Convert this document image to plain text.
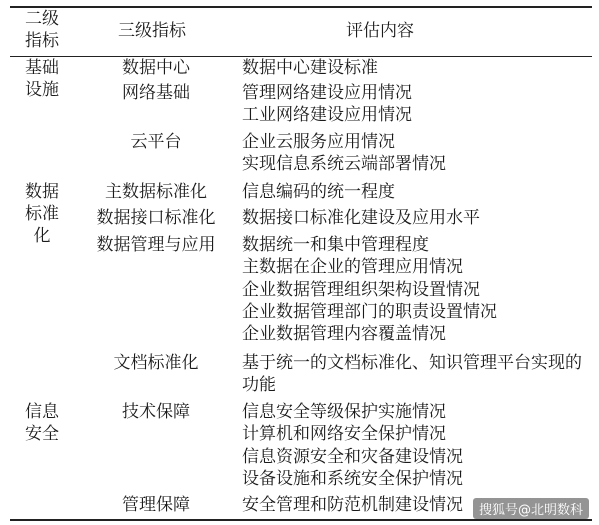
二级
指标	三级指标	评估内容
基础
设施
数据中心	数据中心建设标准
网络基础	管理网络建设应用情况
工业网络建设应用情况
云平台	企业云服务应用情况
实现信息系统云端部署情况
数据
标准化
主数据标准化	信息编码的统一程度
数据接口标准化	数据接口标准化建设及应用水平
数据管理与应用	数据统一和集中管理程度
主数据在企业的管理应用情况
企业数据管理组织架构设置情况
企业数据管理部门的职责设置情况
企业数据管理内容覆盖情况
文档标准化	基于统一的文档标准化、知识管理平台实现的功能
信息
安全
技术保障	信息安全等级保护实施情况
计算机和网络安全保护情况
信息资源安全和灾备建设情况
设备设施和系统安全保护情况
管理保障	安全管理和防范机制建设情况	搜狐号@北明数科
